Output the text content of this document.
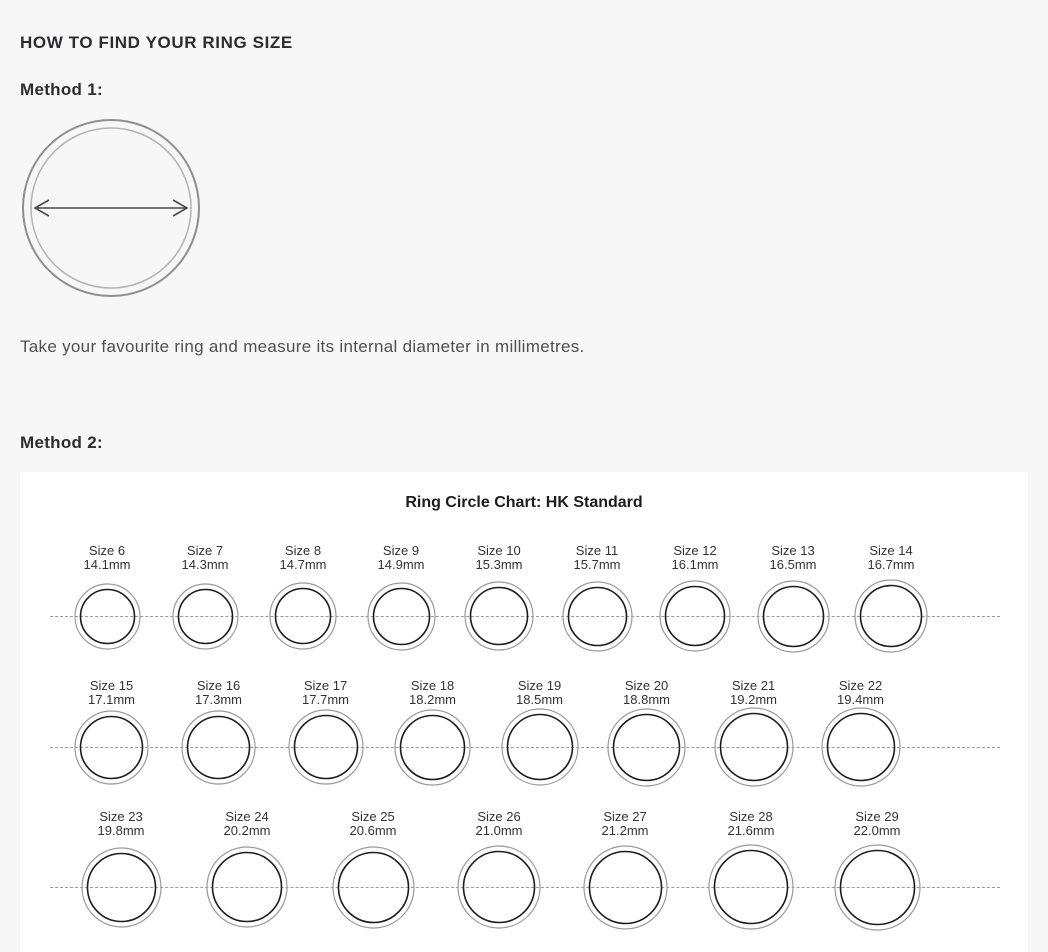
HOW TO FIND YOUR RING SIZE
Method 1:

Take your favourite ring and measure its internal diameter in millimetres.

Method 2:
Ring Circle Chart: HK Standard
Size 6
14.1mm
Size 7
14.3mm
Size 8
14.7mm
Size 9
14.9mm
Size 10
15.3mm
Size 11
15.7mm
Size 12
16.1mm
Size 13
16.5mm
Size 14
16.7mm
Size 15
17.1mm
Size 16
17.3mm
Size 17
17.7mm
Size 18
18.2mm
Size 19
18.5mm
Size 20
18.8mm
Size 21
19.2mm
Size 22
19.4mm
Size 23
19.8mm
Size 24
20.2mm
Size 25
20.6mm
Size 26
21.0mm
Size 27
21.2mm
Size 28
21.6mm
Size 29
22.0mm
